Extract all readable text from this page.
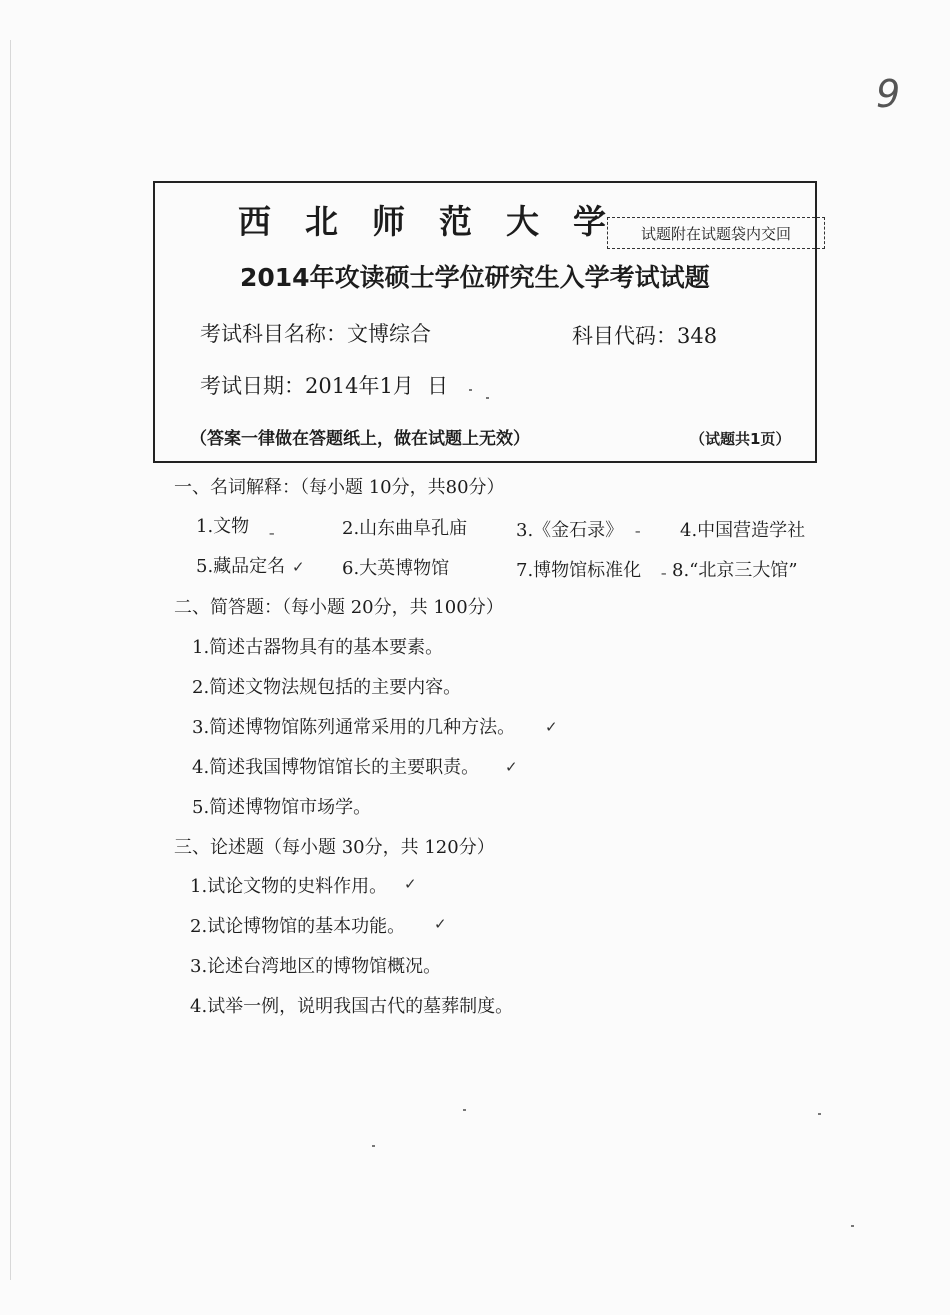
9
西北师范大学 试题附在试题袋内交回
2014年攻读硕士学位研究生入学考试试题
考试科目名称：文博综合	科目代码：348
考试日期：2014年1月  日
（答案一律做在答题纸上，做在试题上无效）	（试题共1页）
一、名词解释：（每小题 10分，共80分）
1.文物	2.山东曲阜孔庙	3.《金石录》	4.中国营造学社
5.藏品定名	6.大英博物馆	7.博物馆标准化 8.“北京三大馆”
二、简答题：（每小题 20分，共 100分）
1.简述古器物具有的基本要素。
2.简述文物法规包括的主要内容。
3.简述博物馆陈列通常采用的几种方法。
4.简述我国博物馆馆长的主要职责。
5.简述博物馆市场学。
三、论述题（每小题 30分，共 120分）
1.试论文物的史料作用。
2.试论博物馆的基本功能。
3.论述台湾地区的博物馆概况。
4.试举一例，说明我国古代的墓葬制度。
ˍ	ˍ
✓	ˍ
✓
✓
✓
✓
